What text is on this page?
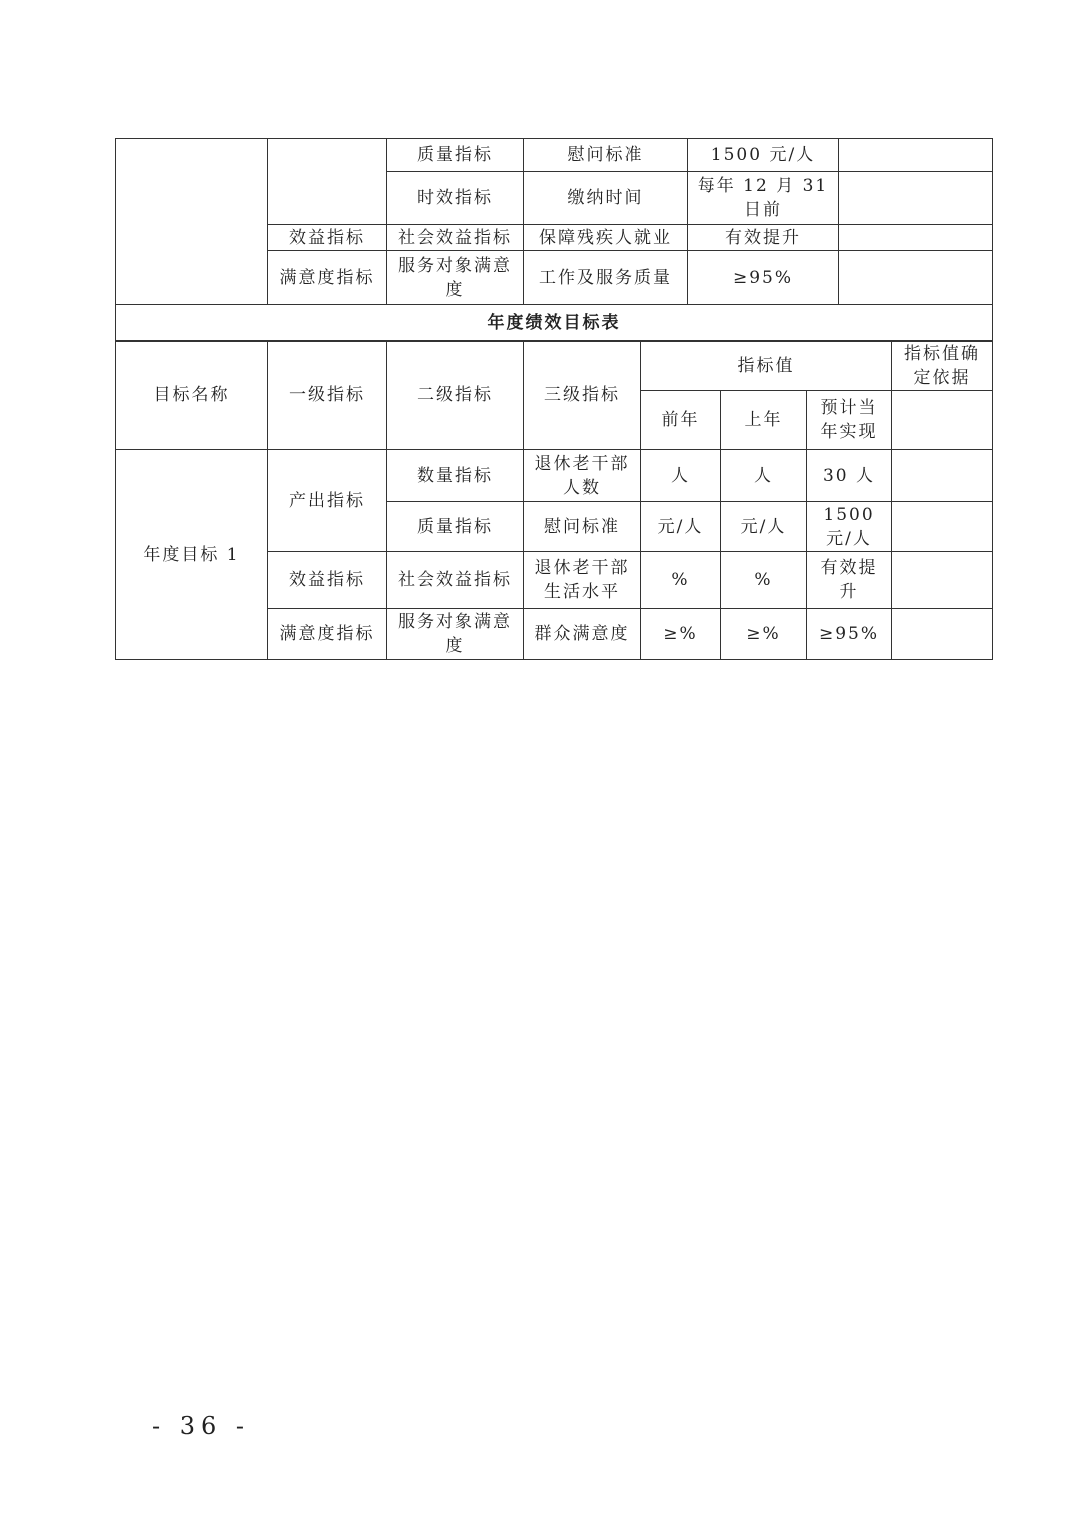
		质量指标	慰问标准	1500 元/人	
		时效指标	缴纳时间	每年 12 月 31 日前	
	效益指标	社会效益指标	保障残疾人就业	有效提升	
	满意度指标	服务对象满意度	工作及服务质量	≥95%	
年度绩效目标表					
目标名称	一级指标	二级指标	三级指标	指标值			指标值确定依据
				前年	上年	预计当年实现	
年度目标 1	产出指标	数量指标	退休老干部人数	人	人	30 人	
		质量指标	慰问标准	元/人	元/人	1500 元/人	
	效益指标	社会效益指标	退休老干部生活水平	%	%	有效提升	
	满意度指标	服务对象满意度	群众满意度	≥%	≥%	≥95%	
- 36 -
